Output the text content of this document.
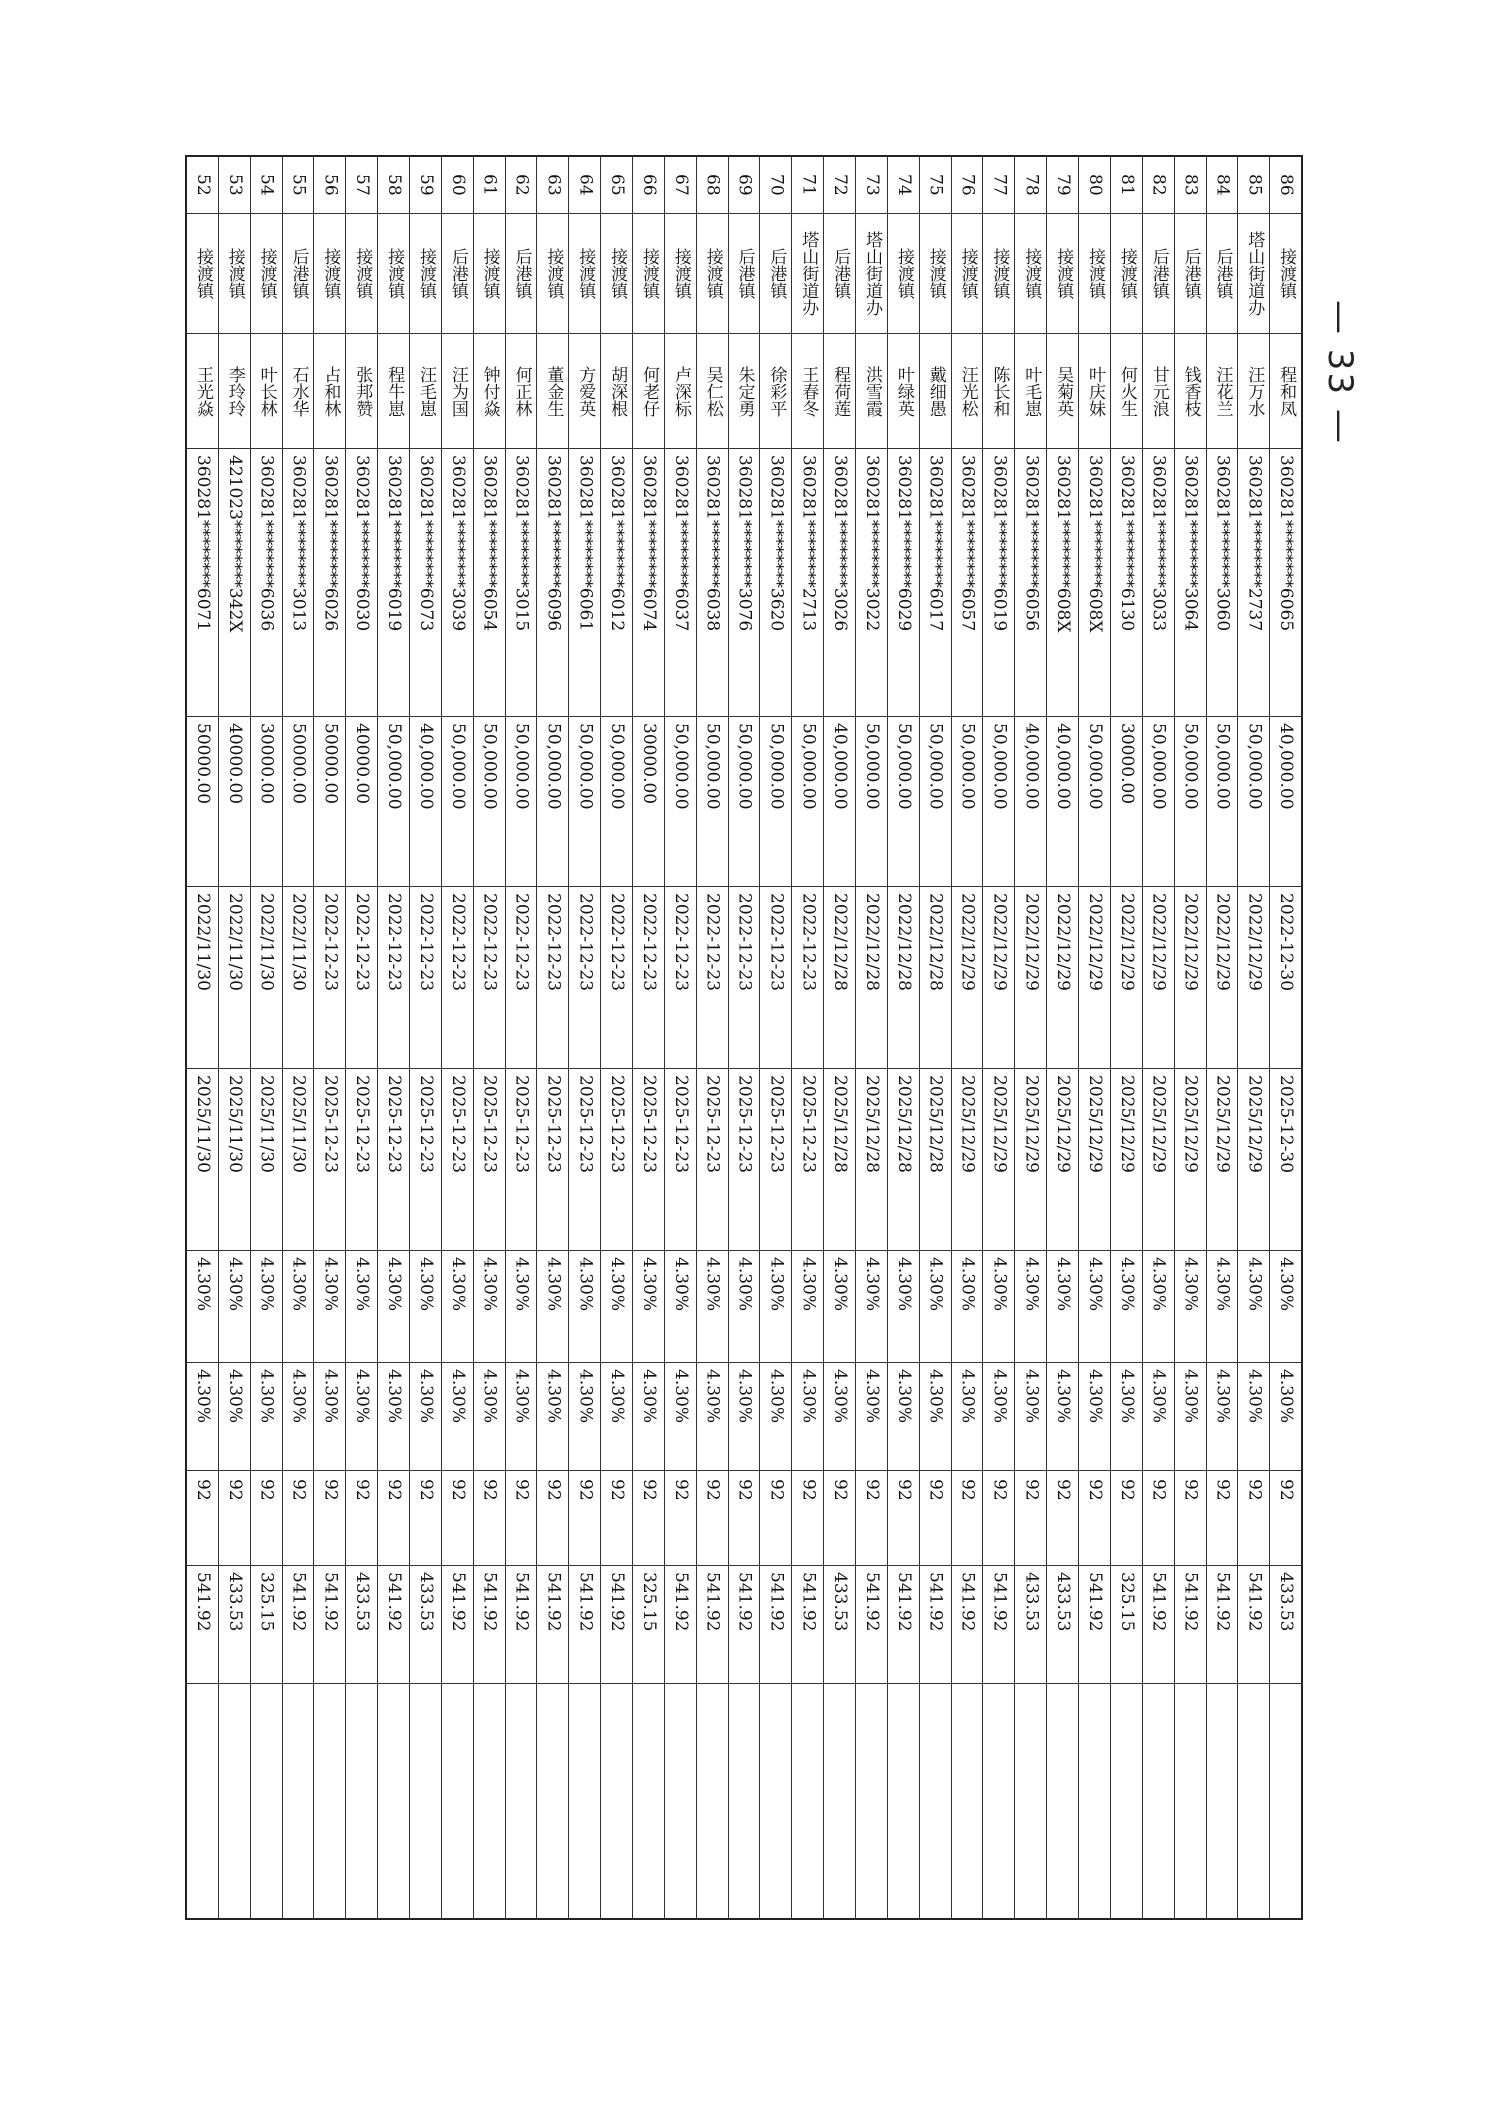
52
接渡镇
王光焱
360281********6071
50000.00
2022/11/30
2025/11/30
4.30%
4.30%
92
541.92
53
接渡镇
李玲玲
421023********342X
40000.00
2022/11/30
2025/11/30
4.30%
4.30%
92
433.53
54
接渡镇
叶长林
360281********6036
30000.00
2022/11/30
2025/11/30
4.30%
4.30%
92
325.15
55
后港镇
石水华
360281********3013
50000.00
2022/11/30
2025/11/30
4.30%
4.30%
92
541.92
56
接渡镇
占和林
360281********6026
50000.00
2022-12-23
2025-12-23
4.30%
4.30%
92
541.92
57
接渡镇
张邦赞
360281********6030
40000.00
2022-12-23
2025-12-23
4.30%
4.30%
92
433.53
58
接渡镇
程牛崽
360281********6019
50,000.00
2022-12-23
2025-12-23
4.30%
4.30%
92
541.92
59
接渡镇
汪毛崽
360281********6073
40,000.00
2022-12-23
2025-12-23
4.30%
4.30%
92
433.53
60
后港镇
汪为国
360281********3039
50,000.00
2022-12-23
2025-12-23
4.30%
4.30%
92
541.92
61
接渡镇
钟付焱
360281********6054
50,000.00
2022-12-23
2025-12-23
4.30%
4.30%
92
541.92
62
后港镇
何正林
360281********3015
50,000.00
2022-12-23
2025-12-23
4.30%
4.30%
92
541.92
63
接渡镇
董金生
360281********6096
50,000.00
2022-12-23
2025-12-23
4.30%
4.30%
92
541.92
64
接渡镇
方爱英
360281********6061
50,000.00
2022-12-23
2025-12-23
4.30%
4.30%
92
541.92
65
接渡镇
胡深根
360281********6012
50,000.00
2022-12-23
2025-12-23
4.30%
4.30%
92
541.92
66
接渡镇
何老仔
360281********6074
30000.00
2022-12-23
2025-12-23
4.30%
4.30%
92
325.15
67
接渡镇
卢深标
360281********6037
50,000.00
2022-12-23
2025-12-23
4.30%
4.30%
92
541.92
68
接渡镇
吴仁松
360281********6038
50,000.00
2022-12-23
2025-12-23
4.30%
4.30%
92
541.92
69
后港镇
朱定勇
360281********3076
50,000.00
2022-12-23
2025-12-23
4.30%
4.30%
92
541.92
70
后港镇
徐彩平
360281********3620
50,000.00
2022-12-23
2025-12-23
4.30%
4.30%
92
541.92
71
塔山街道办
王春冬
360281********2713
50,000.00
2022-12-23
2025-12-23
4.30%
4.30%
92
541.92
72
后港镇
程荷莲
360281********3026
40,000.00
2022/12/28
2025/12/28
4.30%
4.30%
92
433.53
73
塔山街道办
洪雪霞
360281********3022
50,000.00
2022/12/28
2025/12/28
4.30%
4.30%
92
541.92
74
接渡镇
叶绿英
360281********6029
50,000.00
2022/12/28
2025/12/28
4.30%
4.30%
92
541.92
75
接渡镇
戴细愚
360281********6017
50,000.00
2022/12/28
2025/12/28
4.30%
4.30%
92
541.92
76
接渡镇
汪光松
360281********6057
50,000.00
2022/12/29
2025/12/29
4.30%
4.30%
92
541.92
77
接渡镇
陈长和
360281********6019
50,000.00
2022/12/29
2025/12/29
4.30%
4.30%
92
541.92
78
接渡镇
叶毛崽
360281********6056
40,000.00
2022/12/29
2025/12/29
4.30%
4.30%
92
433.53
79
接渡镇
吴菊英
360281********608X
40,000.00
2022/12/29
2025/12/29
4.30%
4.30%
92
433.53
80
接渡镇
叶庆妹
360281********608X
50,000.00
2022/12/29
2025/12/29
4.30%
4.30%
92
541.92
81
接渡镇
何火生
360281********6130
30000.00
2022/12/29
2025/12/29
4.30%
4.30%
92
325.15
82
后港镇
甘元浪
360281********3033
50,000.00
2022/12/29
2025/12/29
4.30%
4.30%
92
541.92
83
后港镇
钱香枝
360281********3064
50,000.00
2022/12/29
2025/12/29
4.30%
4.30%
92
541.92
84
后港镇
汪花兰
360281********3060
50,000.00
2022/12/29
2025/12/29
4.30%
4.30%
92
541.92
85
塔山街道办
汪万水
360281********2737
50,000.00
2022/12/29
2025/12/29
4.30%
4.30%
92
541.92
86
接渡镇
程和凤
360281********6065
40,000.00
2022-12-30
2025-12-30
4.30%
4.30%
92
433.53
— 33 —
